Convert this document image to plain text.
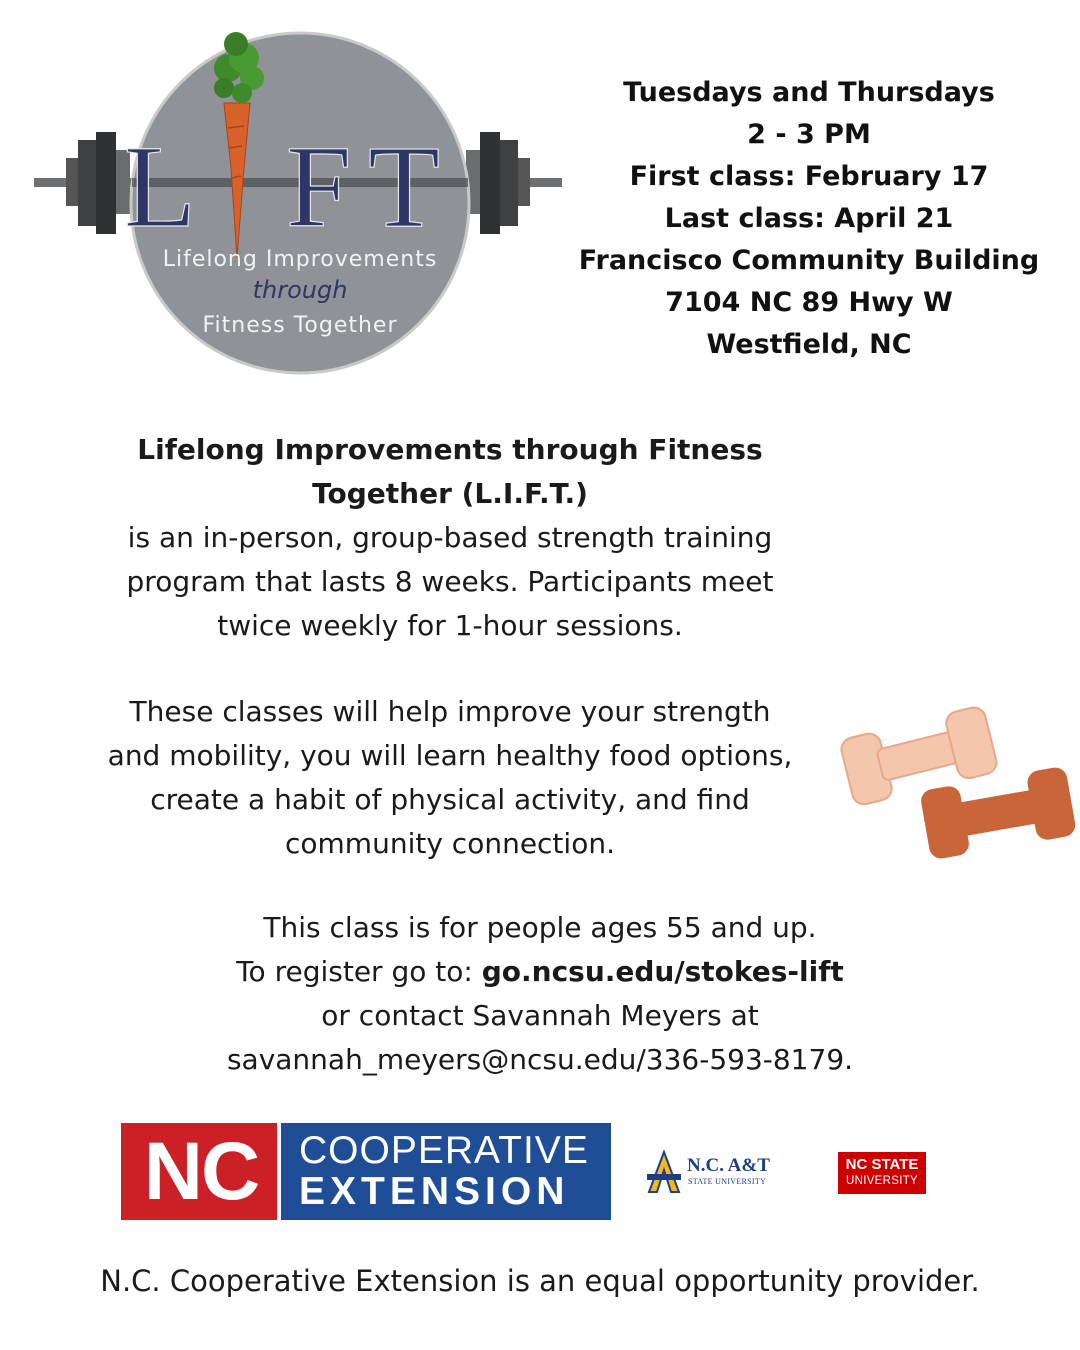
L F T
Lifelong Improvements
through
Fitness Together
Tuesdays and Thursdays
2 - 3 PM
First class: February 17
Last class: April 21
Francisco Community Building
7104 NC 89 Hwy W
Westfield, NC
Lifelong Improvements through Fitness
Together (L.I.F.T.)
is an in-person, group-based strength training
program that lasts 8 weeks. Participants meet
twice weekly for 1-hour sessions.
These classes will help improve your strength
and mobility, you will learn healthy food options,
create a habit of physical activity, and find
community connection.
This class is for people ages 55 and up.
To register go to: go.ncsu.edu/stokes-lift
or contact Savannah Meyers at
savannah_meyers@ncsu.edu/336-593-8179.
NC	COOPERATIVE
EXTENSION
N.C. A&T
STATE UNIVERSITY
NC STATE
UNIVERSITY
N.C. Cooperative Extension is an equal opportunity provider.
